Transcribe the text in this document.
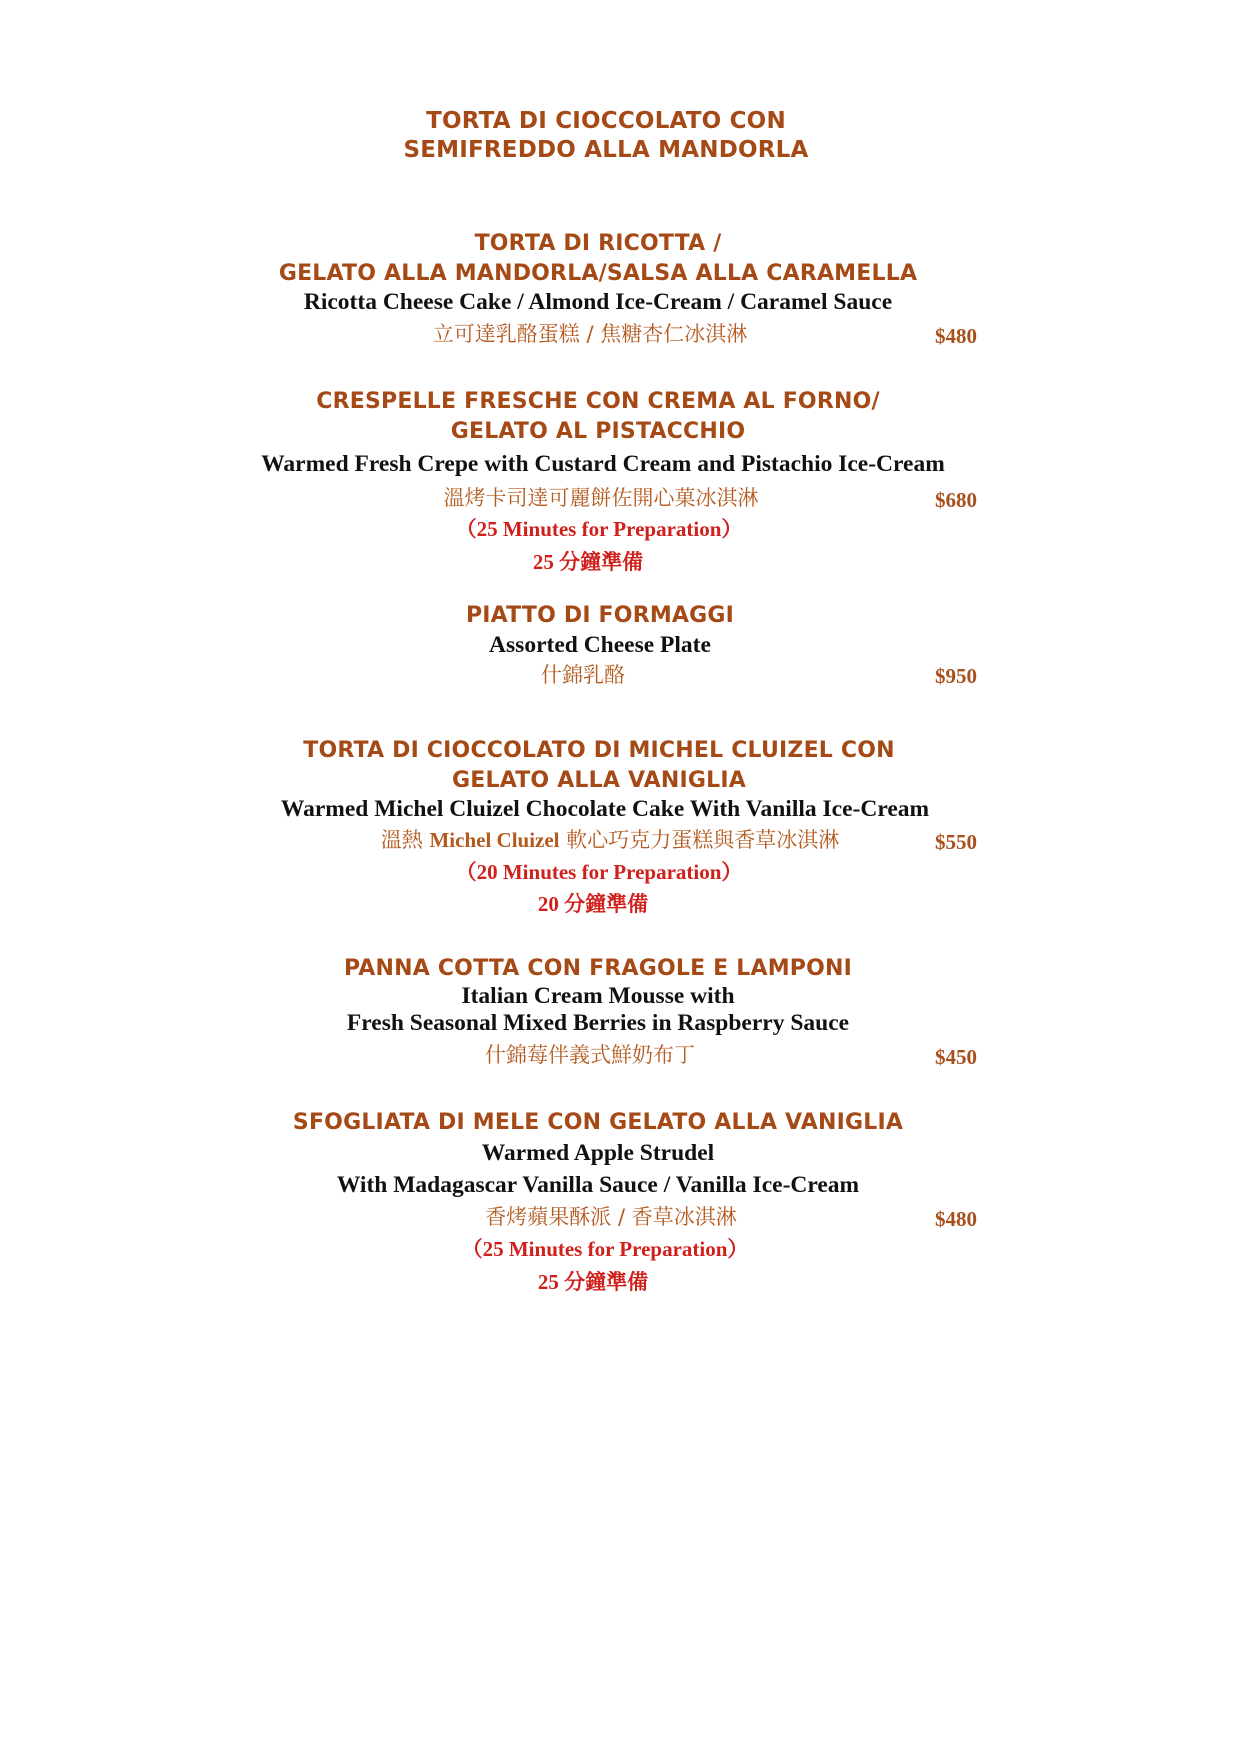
TORTA DI CIOCCOLATO CON
SEMIFREDDO ALLA MANDORLA
TORTA DI RICOTTA /
GELATO ALLA MANDORLA/SALSA ALLA CARAMELLA
Ricotta Cheese Cake / Almond Ice-Cream / Caramel Sauce
立可達乳酪蛋糕 / 焦糖杏仁冰淇淋	$480
CRESPELLE FRESCHE CON CREMA AL FORNO/
GELATO AL PISTACCHIO
Warmed Fresh Crepe with Custard Cream and Pistachio Ice-Cream
溫烤卡司達可麗餅佐開心菓冰淇淋	$680
（25 Minutes for Preparation）
25 分鐘準備
PIATTO DI FORMAGGI
Assorted Cheese Plate
什錦乳酪	$950
TORTA DI CIOCCOLATO DI MICHEL CLUIZEL CON
GELATO ALLA VANIGLIA
Warmed Michel Cluizel Chocolate Cake With Vanilla Ice-Cream
溫熱 Michel Cluizel 軟心巧克力蛋糕與香草冰淇淋	$550
（20 Minutes for Preparation）
20 分鐘準備
PANNA COTTA CON FRAGOLE E LAMPONI
Italian Cream Mousse with
Fresh Seasonal Mixed Berries in Raspberry Sauce
什錦莓伴義式鮮奶布丁	$450
SFOGLIATA DI MELE CON GELATO ALLA VANIGLIA
Warmed Apple Strudel
With Madagascar Vanilla Sauce / Vanilla Ice-Cream
香烤蘋果酥派 / 香草冰淇淋	$480
（25 Minutes for Preparation）
25 分鐘準備
